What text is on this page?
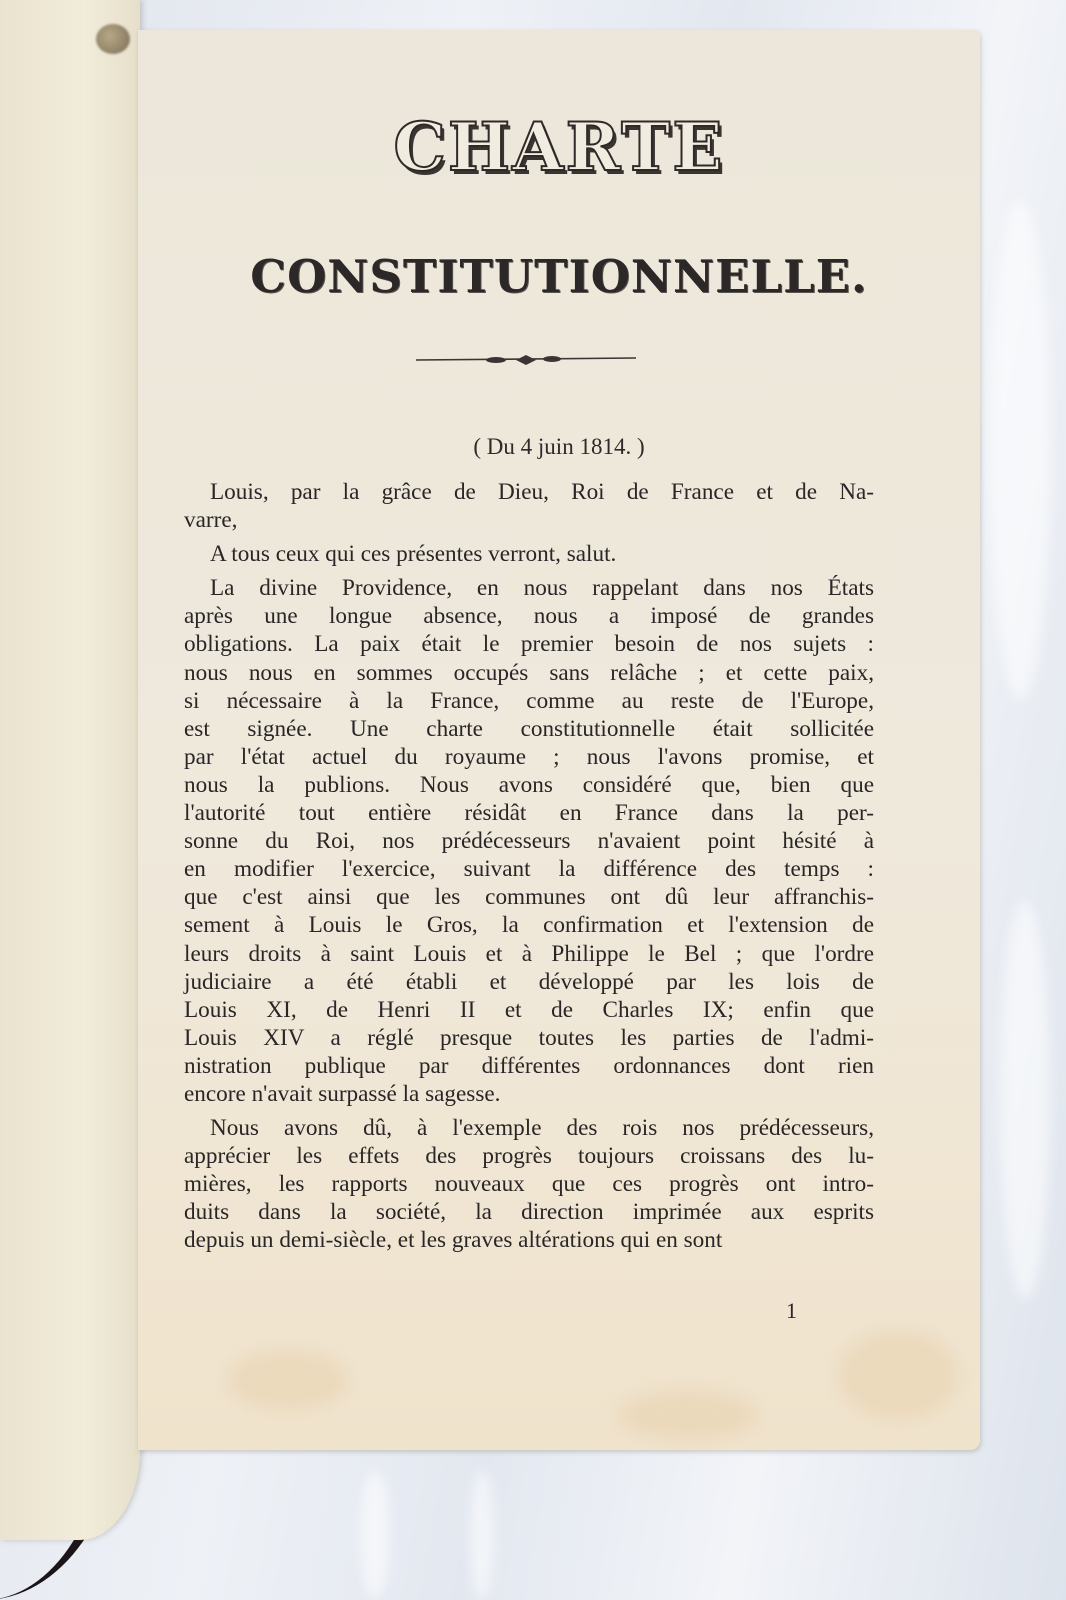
CHARTE
CONSTITUTIONNELLE.
( Du 4 juin 1814. )
Louis, par la grâce de Dieu, Roi de France et de Na-
varre,
A tous ceux qui ces présentes verront, salut.
La divine Providence, en nous rappelant dans nos États
après une longue absence, nous a imposé de grandes
obligations. La paix était le premier besoin de nos sujets :
nous nous en sommes occupés sans relâche ; et cette paix,
si nécessaire à la France, comme au reste de l'Europe,
est signée. Une charte constitutionnelle était sollicitée
par l'état actuel du royaume ; nous l'avons promise, et
nous la publions. Nous avons considéré que, bien que
l'autorité tout entière résidât en France dans la per-
sonne du Roi, nos prédécesseurs n'avaient point hésité à
en modifier l'exercice, suivant la différence des temps :
que c'est ainsi que les communes ont dû leur affranchis-
sement à Louis le Gros, la confirmation et l'extension de
leurs droits à saint Louis et à Philippe le Bel ; que l'ordre
judiciaire a été établi et développé par les lois de
Louis XI, de Henri II et de Charles IX; enfin que
Louis XIV a réglé presque toutes les parties de l'admi-
nistration publique par différentes ordonnances dont rien
encore n'avait surpassé la sagesse.
Nous avons dû, à l'exemple des rois nos prédécesseurs,
apprécier les effets des progrès toujours croissans des lu-
mières, les rapports nouveaux que ces progrès ont intro-
duits dans la société, la direction imprimée aux esprits
depuis un demi-siècle, et les graves altérations qui en sont
1
